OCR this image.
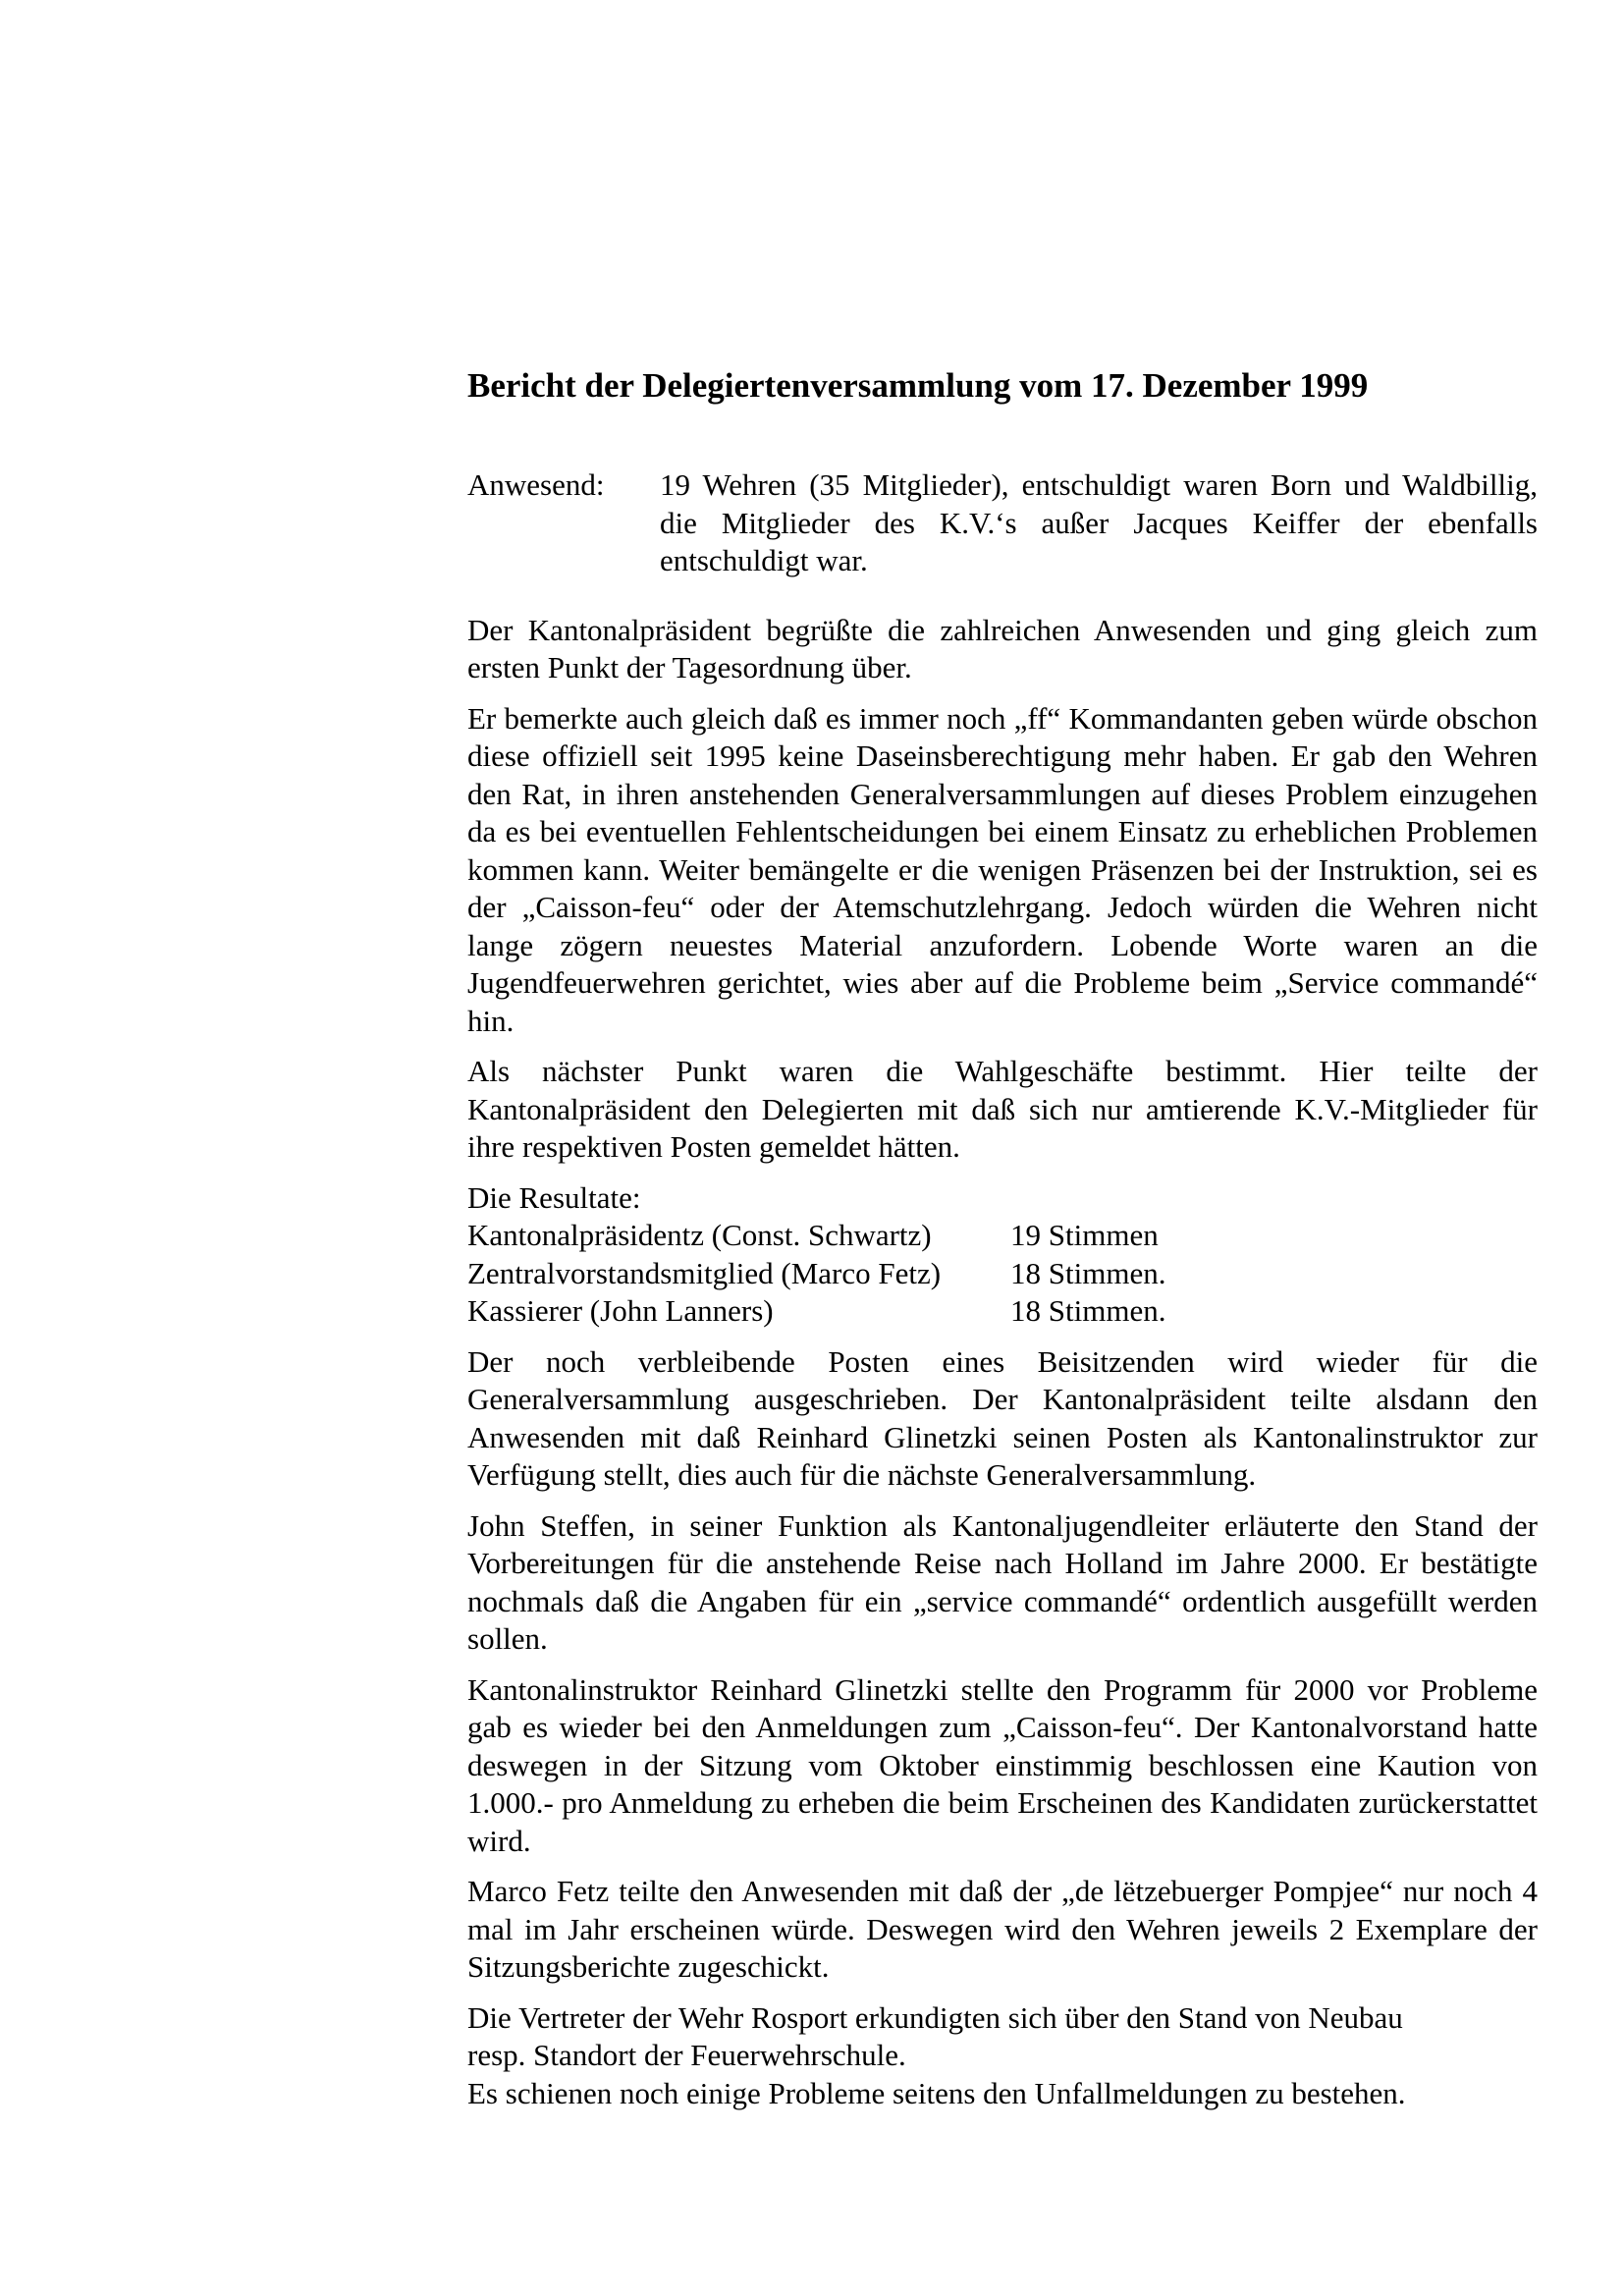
Bericht der Delegiertenversammlung vom 17. Dezember 1999
Anwesend:	19 Wehren (35 Mitglieder), entschuldigt waren Born und Waldbillig, die Mitglieder des K.V.‘s außer Jacques Keiffer der ebenfalls entschuldigt war.

Der Kantonalpräsident begrüßte die zahlreichen Anwesenden und ging gleich zum ersten Punkt der Tagesordnung über.

Er bemerkte auch gleich daß es immer noch „ff“ Kommandanten geben würde obschon diese offiziell seit 1995 keine Daseinsberechtigung mehr haben. Er gab den Wehren den Rat, in ihren anstehenden Generalversammlungen auf dieses Problem einzugehen da es bei eventuellen Fehlentscheidungen bei einem Einsatz zu erheblichen Problemen kommen kann. Weiter bemängelte er die wenigen Präsenzen bei der Instruktion, sei es der „Caisson-feu“ oder der Atemschutzlehrgang. Jedoch würden die Wehren nicht lange zögern neuestes Material anzufordern. Lobende Worte waren an die Jugendfeuerwehren gerichtet, wies aber auf die Probleme beim „Service commandé“ hin.

Als nächster Punkt waren die Wahlgeschäfte bestimmt. Hier teilte der Kantonalpräsident den Delegierten mit daß sich nur amtierende K.V.-Mitglieder für ihre respektiven Posten gemeldet hätten.

Die Resultate:
Kantonalpräsidentz (Const. Schwartz)	19 Stimmen
Zentralvorstandsmitglied (Marco Fetz)	18 Stimmen.
Kassierer (John Lanners)	18 Stimmen.

Der noch verbleibende Posten eines Beisitzenden wird wieder für die Generalversammlung ausgeschrieben. Der Kantonalpräsident teilte alsdann den Anwesenden mit daß Reinhard Glinetzki seinen Posten als Kantonalinstruktor zur Verfügung stellt, dies auch für die nächste Generalversammlung.

John Steffen, in seiner Funktion als Kantonaljugendleiter erläuterte den Stand der Vorbereitungen für die anstehende Reise nach Holland im Jahre 2000. Er bestätigte nochmals daß die Angaben für ein „service commandé“ ordentlich ausgefüllt werden sollen.

Kantonalinstruktor Reinhard Glinetzki stellte den Programm für 2000 vor Probleme gab es wieder bei den Anmeldungen zum „Caisson-feu“. Der Kantonalvorstand hatte deswegen in der Sitzung vom Oktober einstimmig beschlossen eine Kaution von 1.000.- pro Anmeldung zu erheben die beim Erscheinen des Kandidaten zurückerstattet wird.

Marco Fetz teilte den Anwesenden mit daß der „de lëtzebuerger Pompjee“ nur noch 4 mal im Jahr erscheinen würde. Deswegen wird den Wehren jeweils 2 Exemplare der Sitzungsberichte zugeschickt.

Die Vertreter der Wehr Rosport erkundigten sich über den Stand von Neubau
resp. Standort der Feuerwehrschule.
Es schienen noch einige Probleme seitens den Unfallmeldungen zu bestehen.
